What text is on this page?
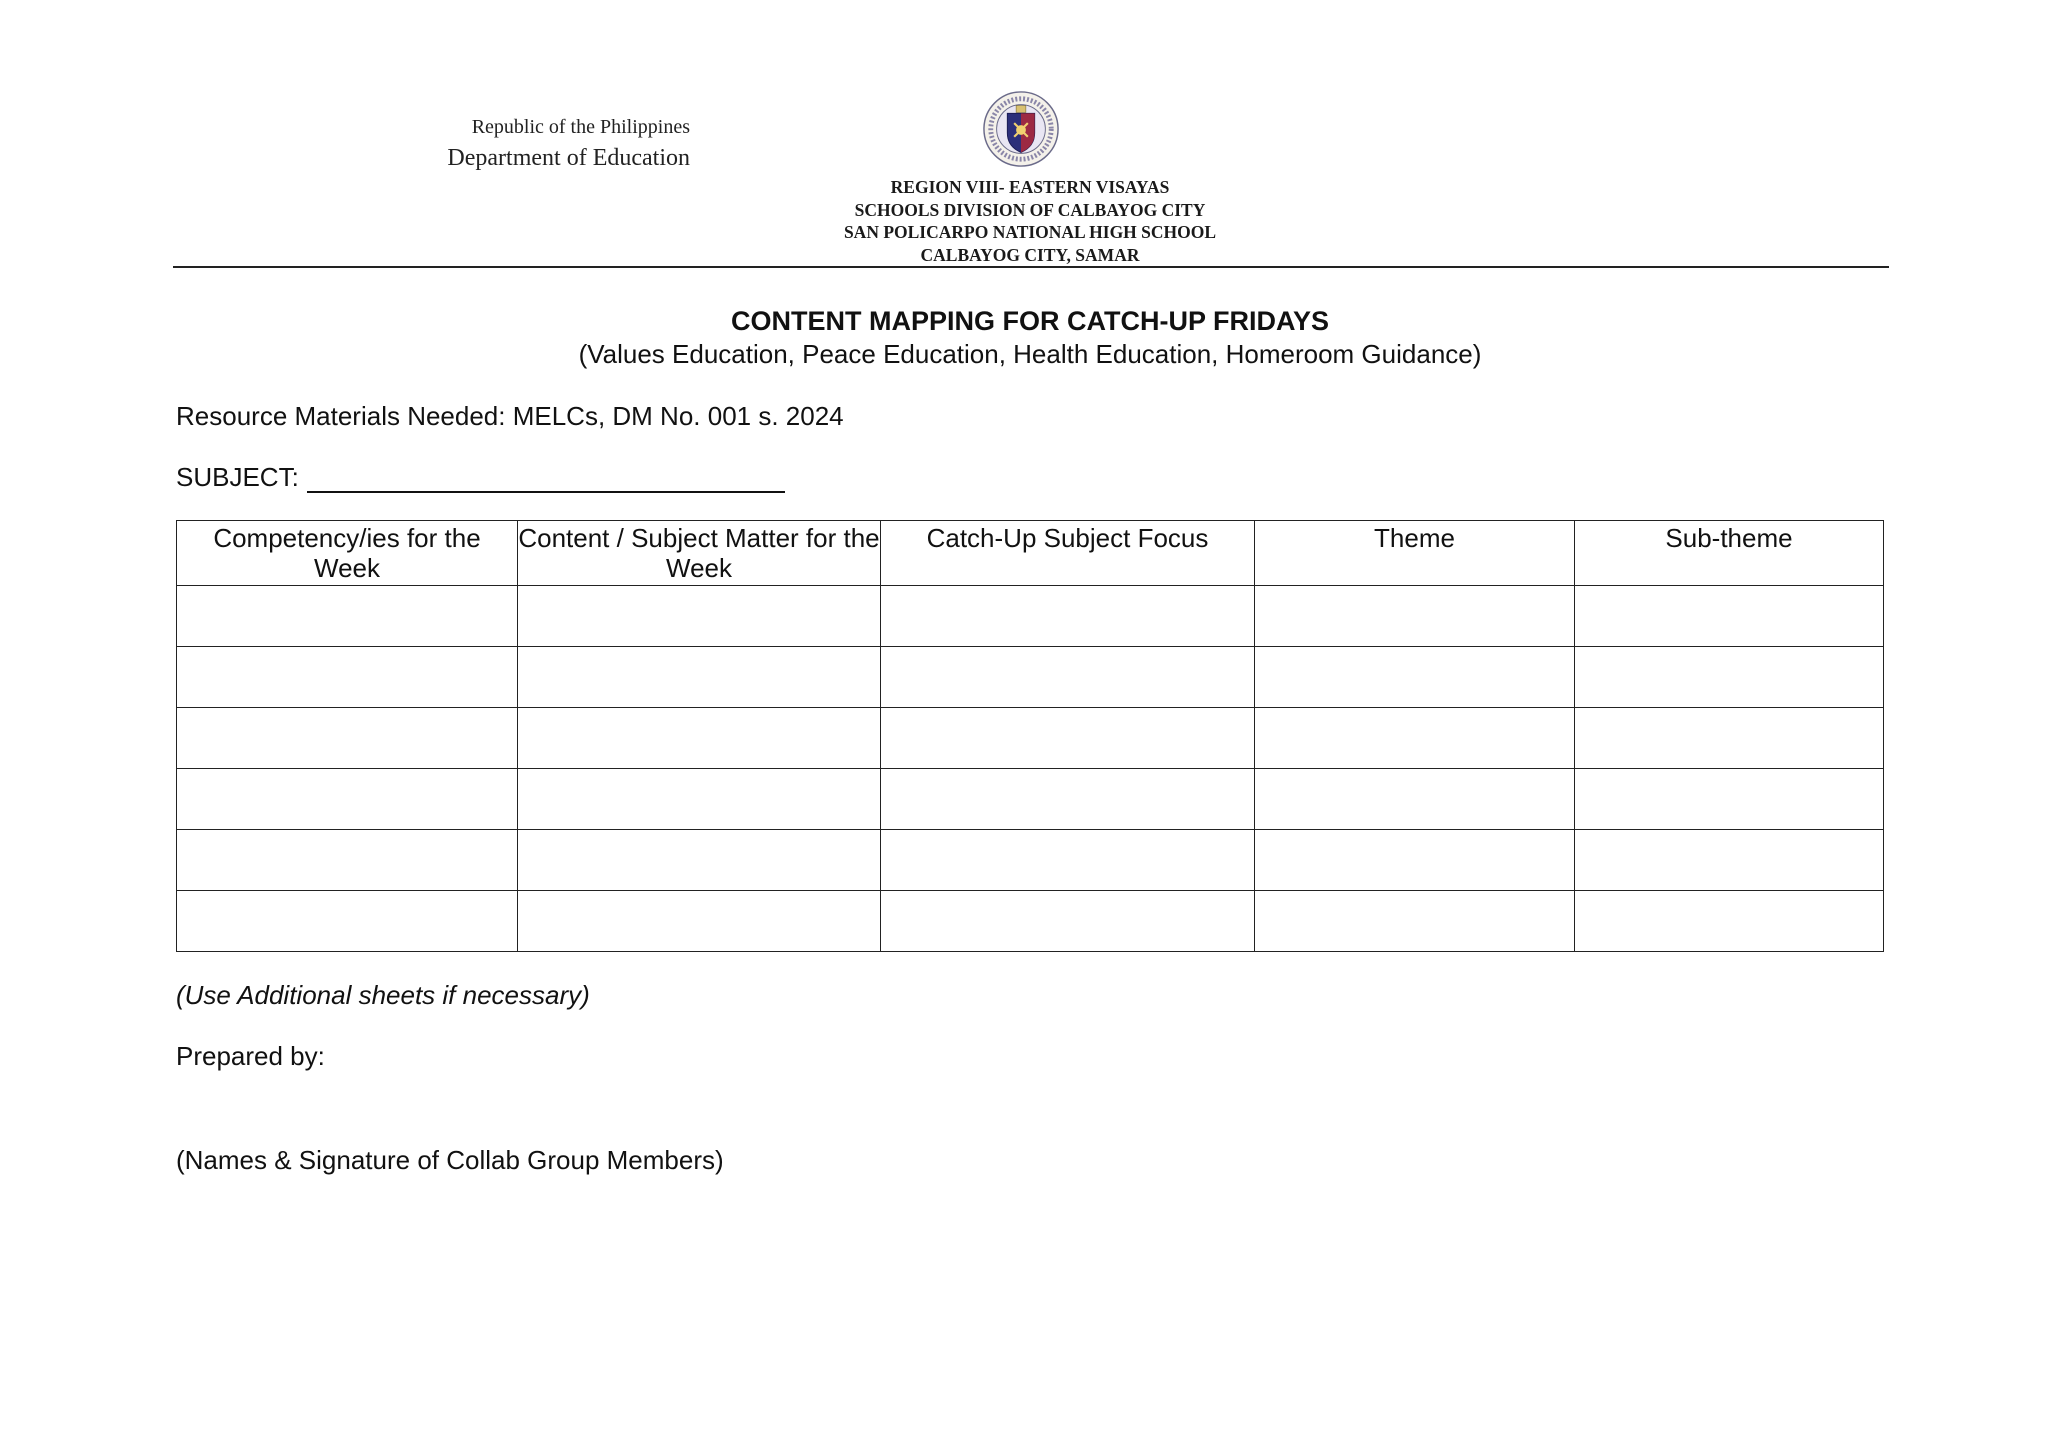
Republic of the Philippines
Department of Education
REGION VIII- EASTERN VISAYAS
SCHOOLS DIVISION OF CALBAYOG CITY
SAN POLICARPO NATIONAL HIGH SCHOOL
CALBAYOG CITY, SAMAR
CONTENT MAPPING FOR CATCH-UP FRIDAYS
(Values Education, Peace Education, Health Education, Homeroom Guidance)
Resource Materials Needed: MELCs, DM No. 001 s. 2024
SUBJECT:
Competency/ies for the Week	Content / Subject Matter for the Week	Catch-Up Subject Focus	Theme	Sub-theme

(Use Additional sheets if necessary)
Prepared by:
(Names & Signature of Collab Group Members)
